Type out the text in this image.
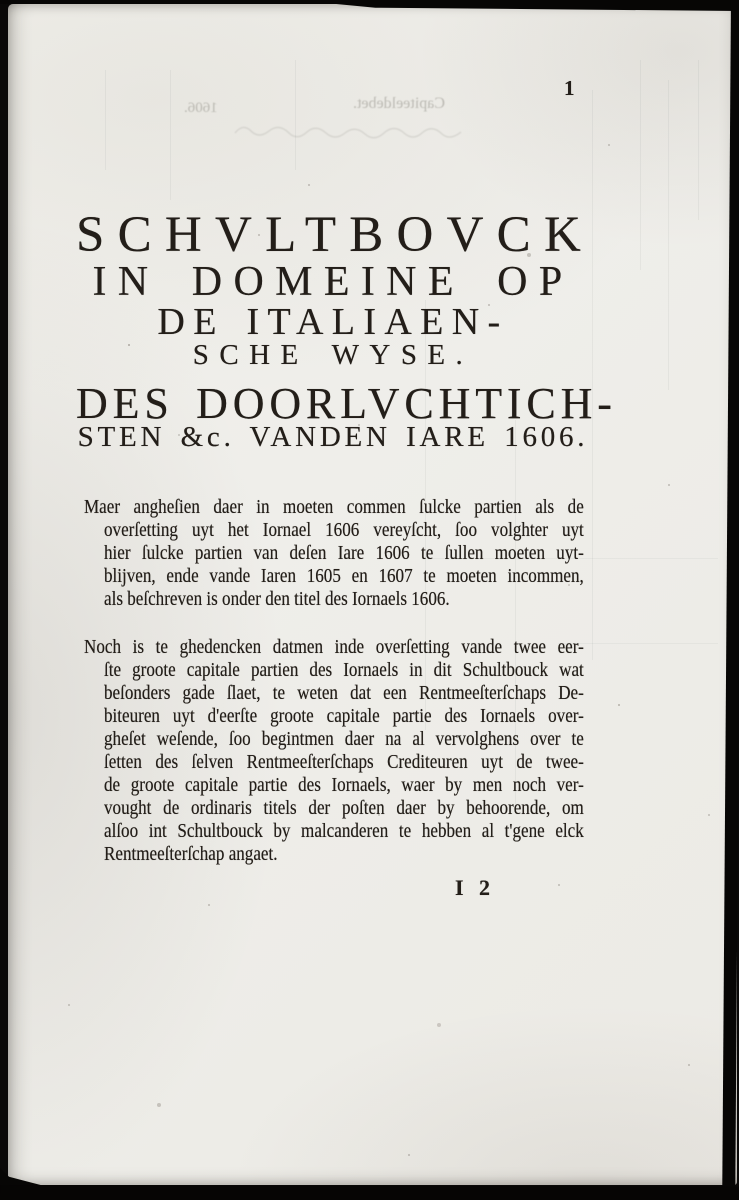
Capiteeldebet.
1606.
1
SCHVLTBOVCK
IN DOMEINE OP
DE ITALIAEN-
SCHE WYSE.
DES DOORLVCHTICH-
STEN &c. VANDEN IARE 1606.
Maer angheſien daer in moeten commen ſulcke partien als de
overſetting uyt het Iornael 1606 vereyſcht, ſoo volghter uyt
hier ſulcke partien van deſen Iare 1606 te ſullen moeten uyt-
blijven, ende vande Iaren 1605 en 1607 te moeten incommen,
als beſchreven is onder den titel des Iornaels 1606.
Noch is te ghedencken datmen inde overſetting vande twee eer-
ſte groote capitale partien des Iornaels in dit Schultbouck wat
beſonders gade ſlaet, te weten dat een Rentmeeſterſchaps De-
biteuren uyt d'eerſte groote capitale partie des Iornaels over-
gheſet weſende, ſoo begintmen daer na al vervolghens over te
ſetten des ſelven Rentmeeſterſchaps Crediteuren uyt de twee-
de groote capitale partie des Iornaels, waer by men noch ver-
vought de ordinaris titels der poſten daer by behoorende, om
alſoo int Schultbouck by malcanderen te hebben al t'gene elck
Rentmeeſterſchap angaet.
I 2
